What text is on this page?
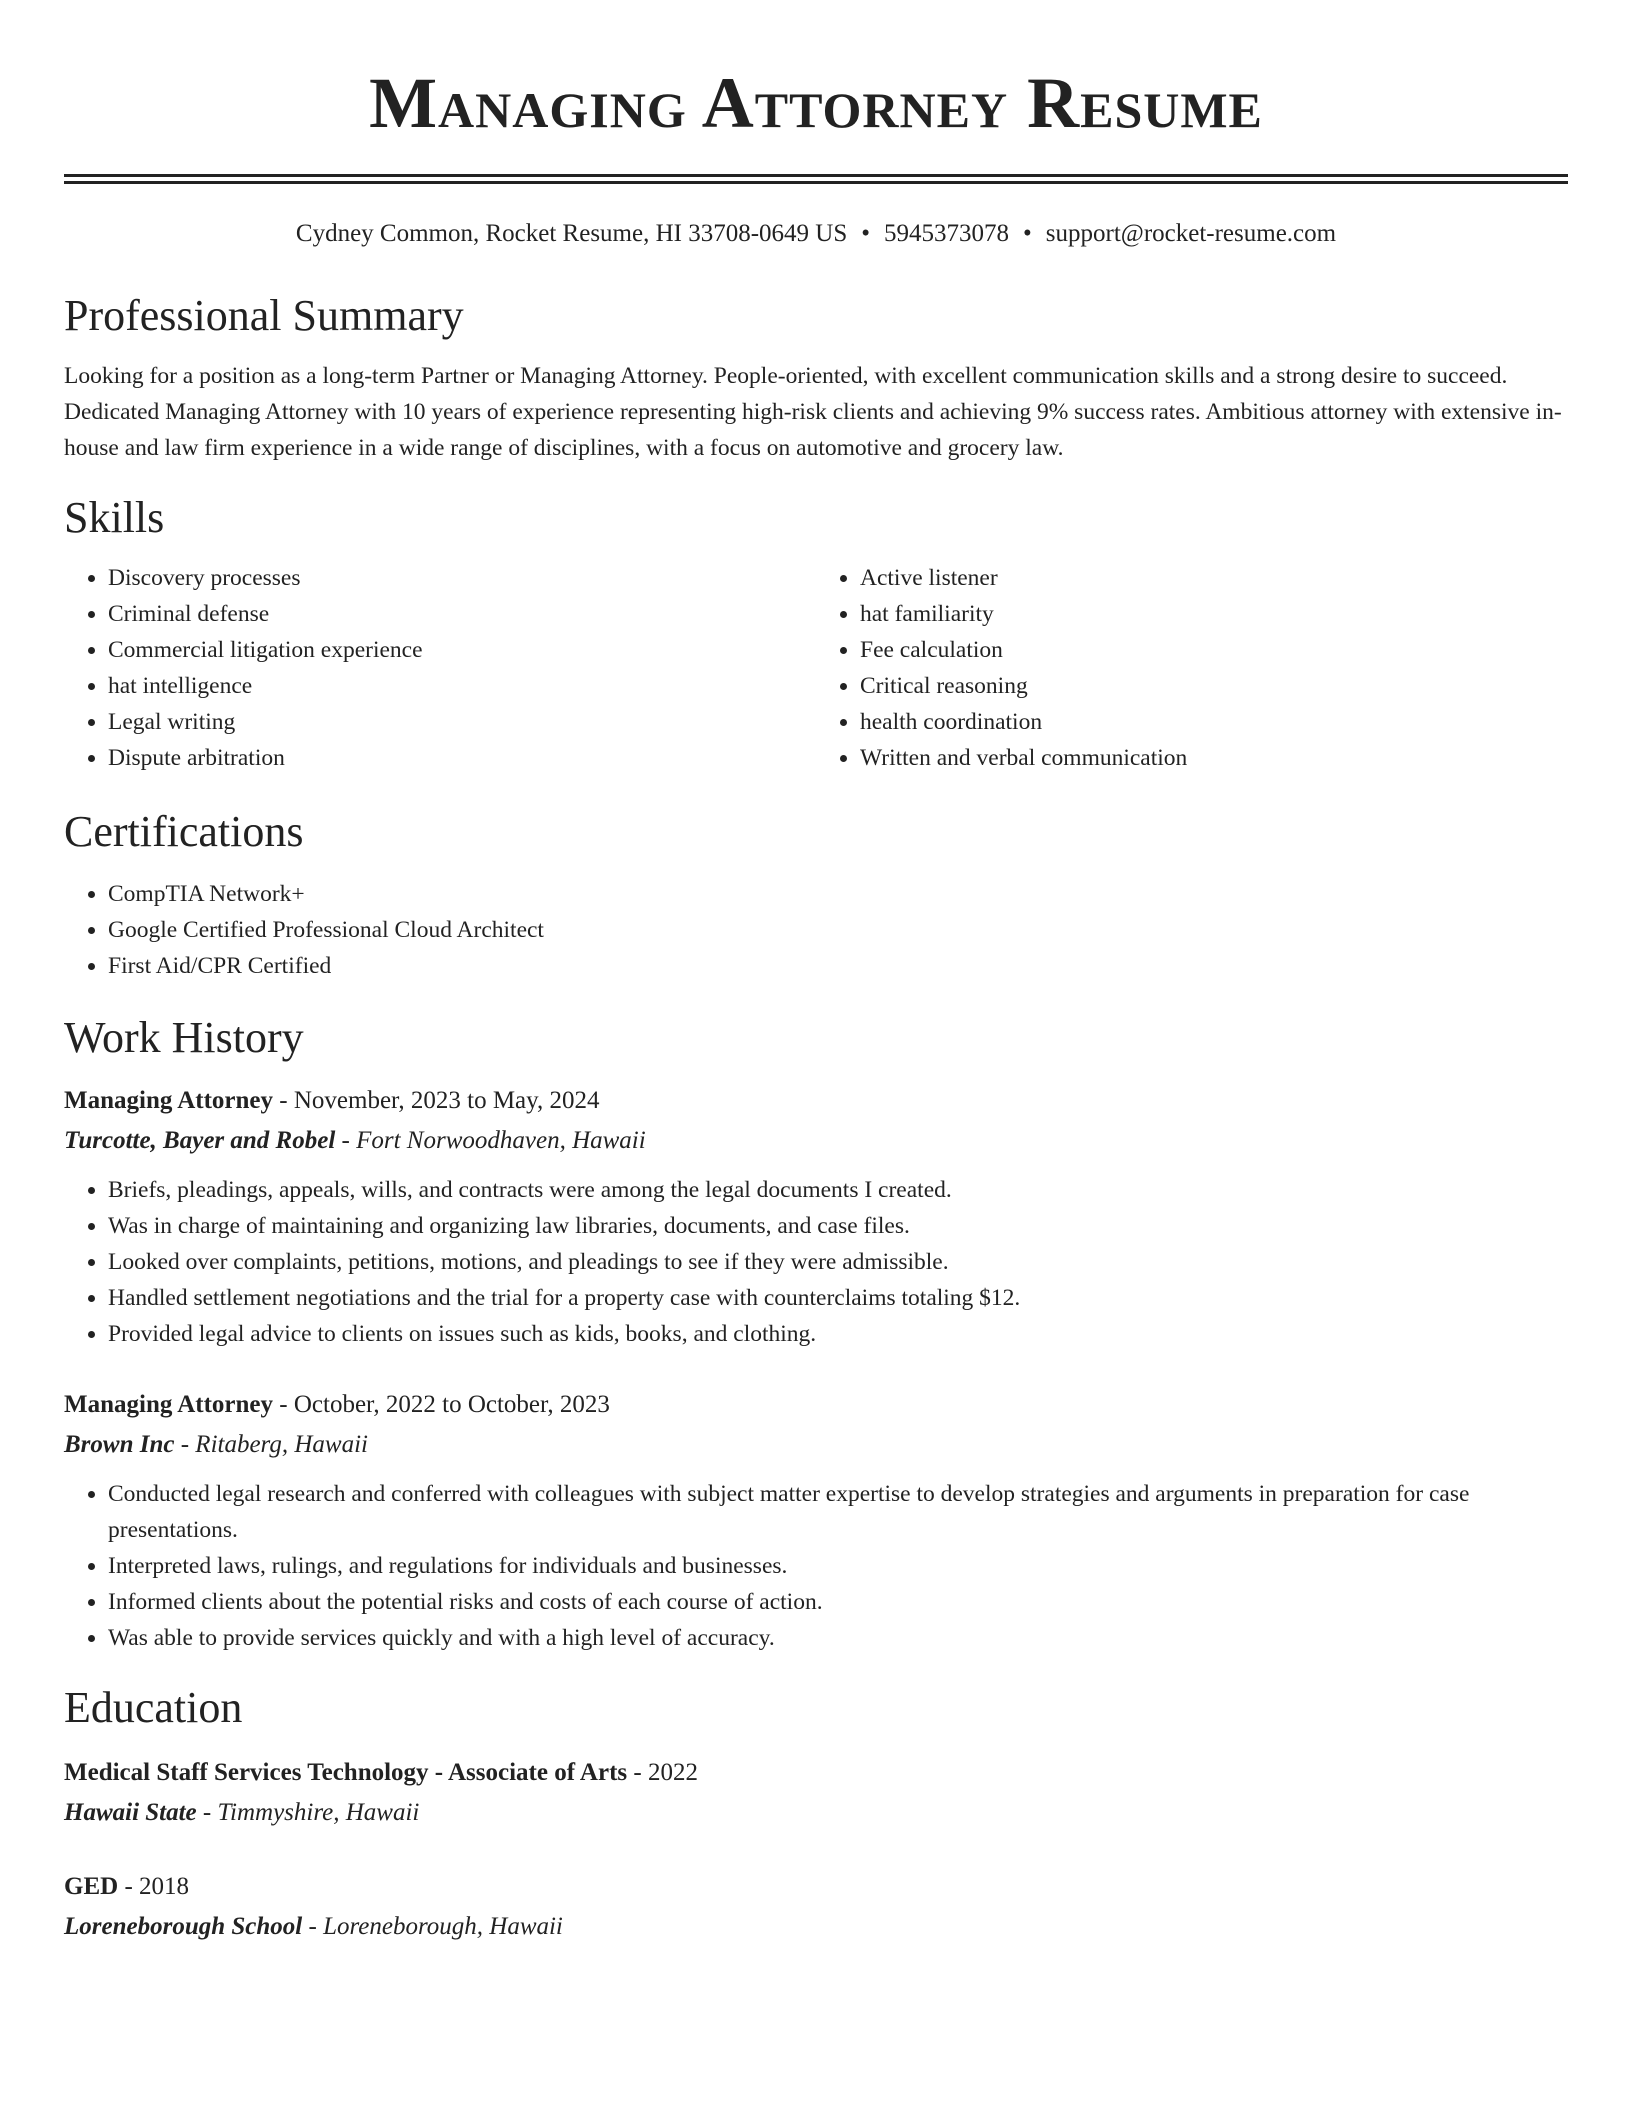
Managing Attorney Resume
Cydney Common, Rocket Resume, HI 33708-0649 US • 5945373078 • support@rocket-resume.com
Professional Summary
Looking for a position as a long-term Partner or Managing Attorney. People-oriented, with excellent communication skills and a strong desire to succeed. Dedicated Managing Attorney with 10 years of experience representing high-risk clients and achieving 9% success rates. Ambitious attorney with extensive in-house and law firm experience in a wide range of disciplines, with a focus on automotive and grocery law.
Skills
• Discovery processes
• Criminal defense
• Commercial litigation experience
• hat intelligence
• Legal writing
• Dispute arbitration
• Active listener
• hat familiarity
• Fee calculation
• Critical reasoning
• health coordination
• Written and verbal communication
Certifications
• CompTIA Network+
• Google Certified Professional Cloud Architect
• First Aid/CPR Certified
Work History
Managing Attorney - November, 2023 to May, 2024
Turcotte, Bayer and Robel - Fort Norwoodhaven, Hawaii
• Briefs, pleadings, appeals, wills, and contracts were among the legal documents I created.
• Was in charge of maintaining and organizing law libraries, documents, and case files.
• Looked over complaints, petitions, motions, and pleadings to see if they were admissible.
• Handled settlement negotiations and the trial for a property case with counterclaims totaling $12.
• Provided legal advice to clients on issues such as kids, books, and clothing.
Managing Attorney - October, 2022 to October, 2023
Brown Inc - Ritaberg, Hawaii
• Conducted legal research and conferred with colleagues with subject matter expertise to develop strategies and arguments in preparation for case presentations.
• Interpreted laws, rulings, and regulations for individuals and businesses.
• Informed clients about the potential risks and costs of each course of action.
• Was able to provide services quickly and with a high level of accuracy.
Education
Medical Staff Services Technology - Associate of Arts - 2022
Hawaii State - Timmyshire, Hawaii
GED - 2018
Loreneborough School - Loreneborough, Hawaii
